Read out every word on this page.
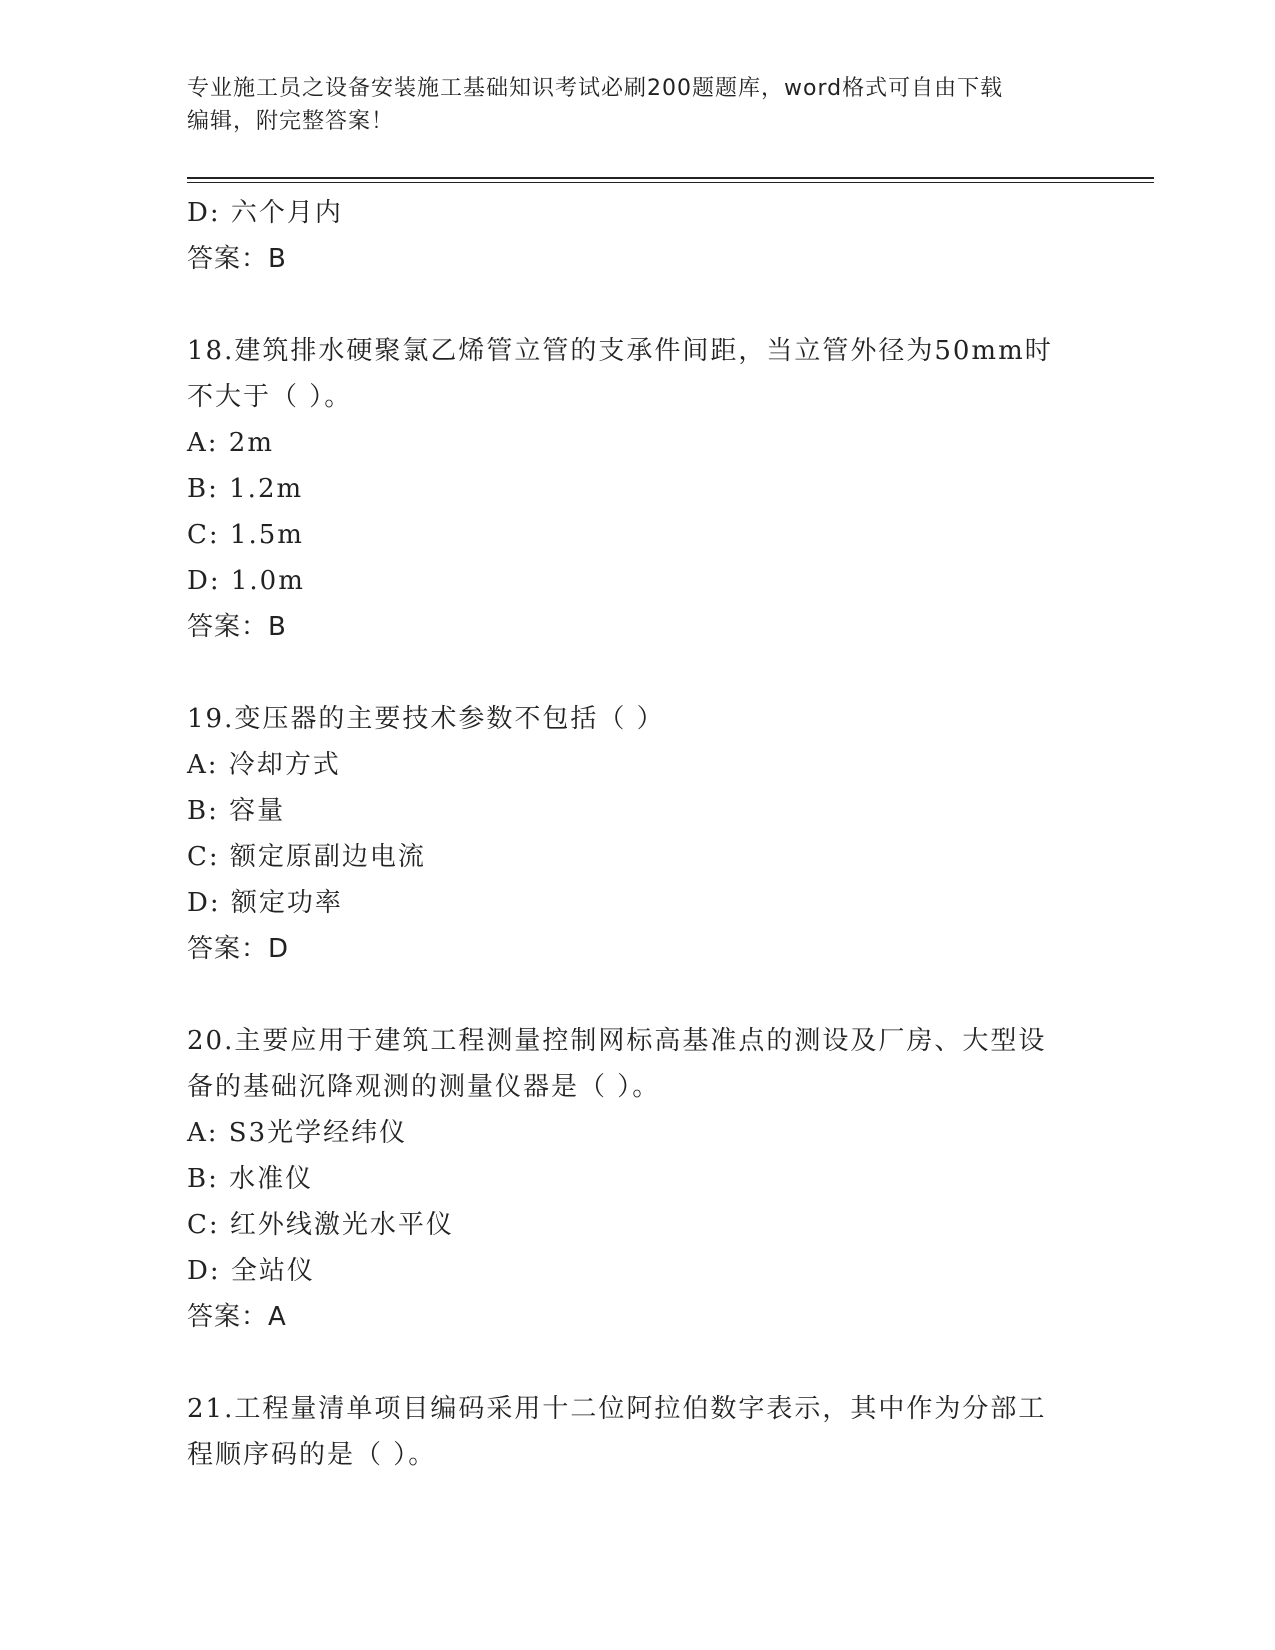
专业施工员之设备安装施工基础知识考试必刷200题题库，word格式可自由下载
编辑，附完整答案！
D: 六个月内
答案：B
18.建筑排水硬聚氯乙烯管立管的支承件间距，当立管外径为50mm时
不大于（ ）。
A: 2m
B: 1.2m
C: 1.5m
D: 1.0m
答案：B
19.变压器的主要技术参数不包括（ ）
A: 冷却方式
B: 容量
C: 额定原副边电流
D: 额定功率
答案：D
20.主要应用于建筑工程测量控制网标高基准点的测设及厂房、大型设
备的基础沉降观测的测量仪器是（ ）。
A: S3光学经纬仪
B: 水准仪
C: 红外线激光水平仪
D: 全站仪
答案：A
21.工程量清单项目编码采用十二位阿拉伯数字表示，其中作为分部工
程顺序码的是（ ）。
